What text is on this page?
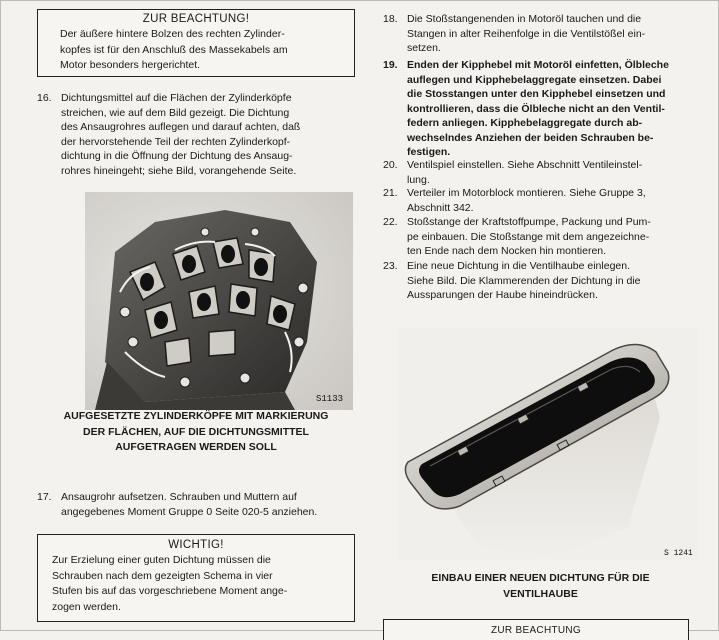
ZUR BEACHTUNG!
Der äußere hintere Bolzen des rechten Zylinder-
kopfes ist für den Anschluß des Massekabels am
Motor besonders hergerichtet.
16. Dichtungsmittel auf die Flächen der Zylinderköpfe
streichen, wie auf dem Bild gezeigt. Die Dichtung
des Ansaugrohres auflegen und darauf achten, daß
der hervorstehende Teil der rechten Zylinderkopf-
dichtung in die Öffnung der Dichtung des Ansaug-
rohres hineingeht; siehe Bild, vorangehende Seite.
S1133
AUFGESETZTE ZYLINDERKÖPFE MIT MARKIERUNG
DER FLÄCHEN, AUF DIE DICHTUNGSMITTEL
AUFGETRAGEN WERDEN SOLL
17. Ansaugrohr aufsetzen. Schrauben und Muttern auf
angegebenes Moment Gruppe 0 Seite 020-5 anziehen.
WICHTIG!
Zur Erzielung einer guten Dichtung müssen die
Schrauben nach dem gezeigten Schema in vier
Stufen bis auf das vorgeschriebene Moment ange-
zogen werden.
18. Die Stoßstangenenden in Motoröl tauchen und die
Stangen in alter Reihenfolge in die Ventilstößel ein-
setzen.
19. Enden der Kipphebel mit Motoröl einfetten, Ölbleche
auflegen und Kipphebelaggregate einsetzen. Dabei
die Stosstangen unter den Kipphebel einsetzen und
kontrollieren, dass die Ölbleche nicht an den Ventil-
federn anliegen. Kipphebelaggregate durch ab-
wechselndes Anziehen der beiden Schrauben be-
festigen.
20. Ventilspiel einstellen. Siehe Abschnitt Ventileinstel-
lung.
21. Verteiler im Motorblock montieren. Siehe Gruppe 3,
Abschnitt 342.
22. Stoßstange der Kraftstoffpumpe, Packung und Pum-
pe einbauen. Die Stoßstange mit dem angezeichne-
ten Ende nach dem Nocken hin montieren.
23. Eine neue Dichtung in die Ventilhaube einlegen.
Siehe Bild. Die Klammerenden der Dichtung in die
Aussparungen der Haube hineindrücken.
S 1241
EINBAU EINER NEUEN DICHTUNG FÜR DIE
VENTILHAUBE
ZUR BEACHTUNG
